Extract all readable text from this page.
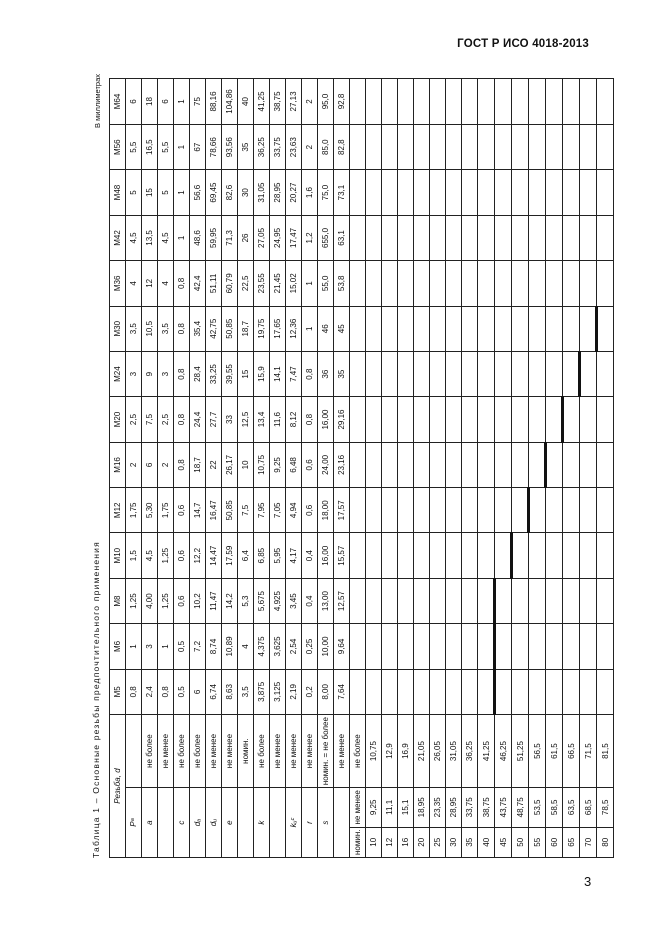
ГОСТ Р ИСО 4018-2013
3
Таблица 1 – Основные резьбы предпочтительного применения
В миллиметрах
Резьба, d			M5	M6	M8	M10	M12	M16	M20	M24	M30	M36	M42	M48	M56	M64
Pᵃ			0,8	1	1,25	1,5	1,75	2	2,5	3	3,5	4	4,5	5	5,5	6
a		не более	2,4	3	4,00	4,5	5,30	6	7,5	9	10,5	12	13,5	15	16,5	18
		не менее	0,8	1	1,25	1,25	1,75	2	2,5	3	3,5	4	4,5	5	5,5	6
c		не более	0,5	0,5	0,6	0,6	0,6	0,8	0,8	0,8	0,8	0,8	1	1	1	1
dₐ		не более	6	7,2	10,2	12,2	14,7	18,7	24,4	28,4	35,4	42,4	48,6	56,6	67	75
dᵤ		не менее	6,74	8,74	11,47	14,47	16,47	22	27,7	33,25	42,75	51,11	59,95	69,45	78,66	88,16
e		не менее	8,63	10,89	14,2	17,59	50,85	26,17	33	39,55	50,85	60,79	71,3	82,6	93,56	104,86
		номин.	3,5	4	5,3	6,4	7,5	10	12,5	15	18,7	22,5	26	30	35	40
k		не более	3,875	4,375	5,675	6,85	7,95	10,75	13,4	15,9	19,75	23,55	27,05	31,05	36,25	41,25
		не менее	3,125	3,625	4,925	5,95	7,05	9,25	11,6	14,1	17,65	21,45	24,95	28,95	33,75	38,75
kᵤᶜ		не менее	2,19	2,54	3,45	4,17	4,94	6,48	8,12	7,47	12,36	15,02	17,47	20,27	23,63	27,13
r		не менее	0,2	0,25	0,4	0,4	0,6	0,6	0,8	0,8	1	1	1,2	1,6	2	2
s		номин. = не более	8,00	10,00	13,00	16,00	18,00	24,00	16,00	36	46	55,0	655,0	75,0	85,0	95,0
		не менее	7,64	9,64	12,57	15,57	17,57	23,16	29,16	35	45	53,8	63,1	73,1	82,8	92,8
номин.	не менее	не более														
10	9,25	10,75														
12	11,1	12,9														
16	15,1	16,9														
20	18,95	21,05														
25	23,35	26,05														
30	28,95	31,05														
35	33,75	36,25														
40	38,75	41,25														
45	43,75	46,25														
50	48,75	51,25														
55	53,5	56,5														
60	58,5	61,5														
65	63,5	66,5														
70	68,5	71,5														
80	78,5	81,5														
